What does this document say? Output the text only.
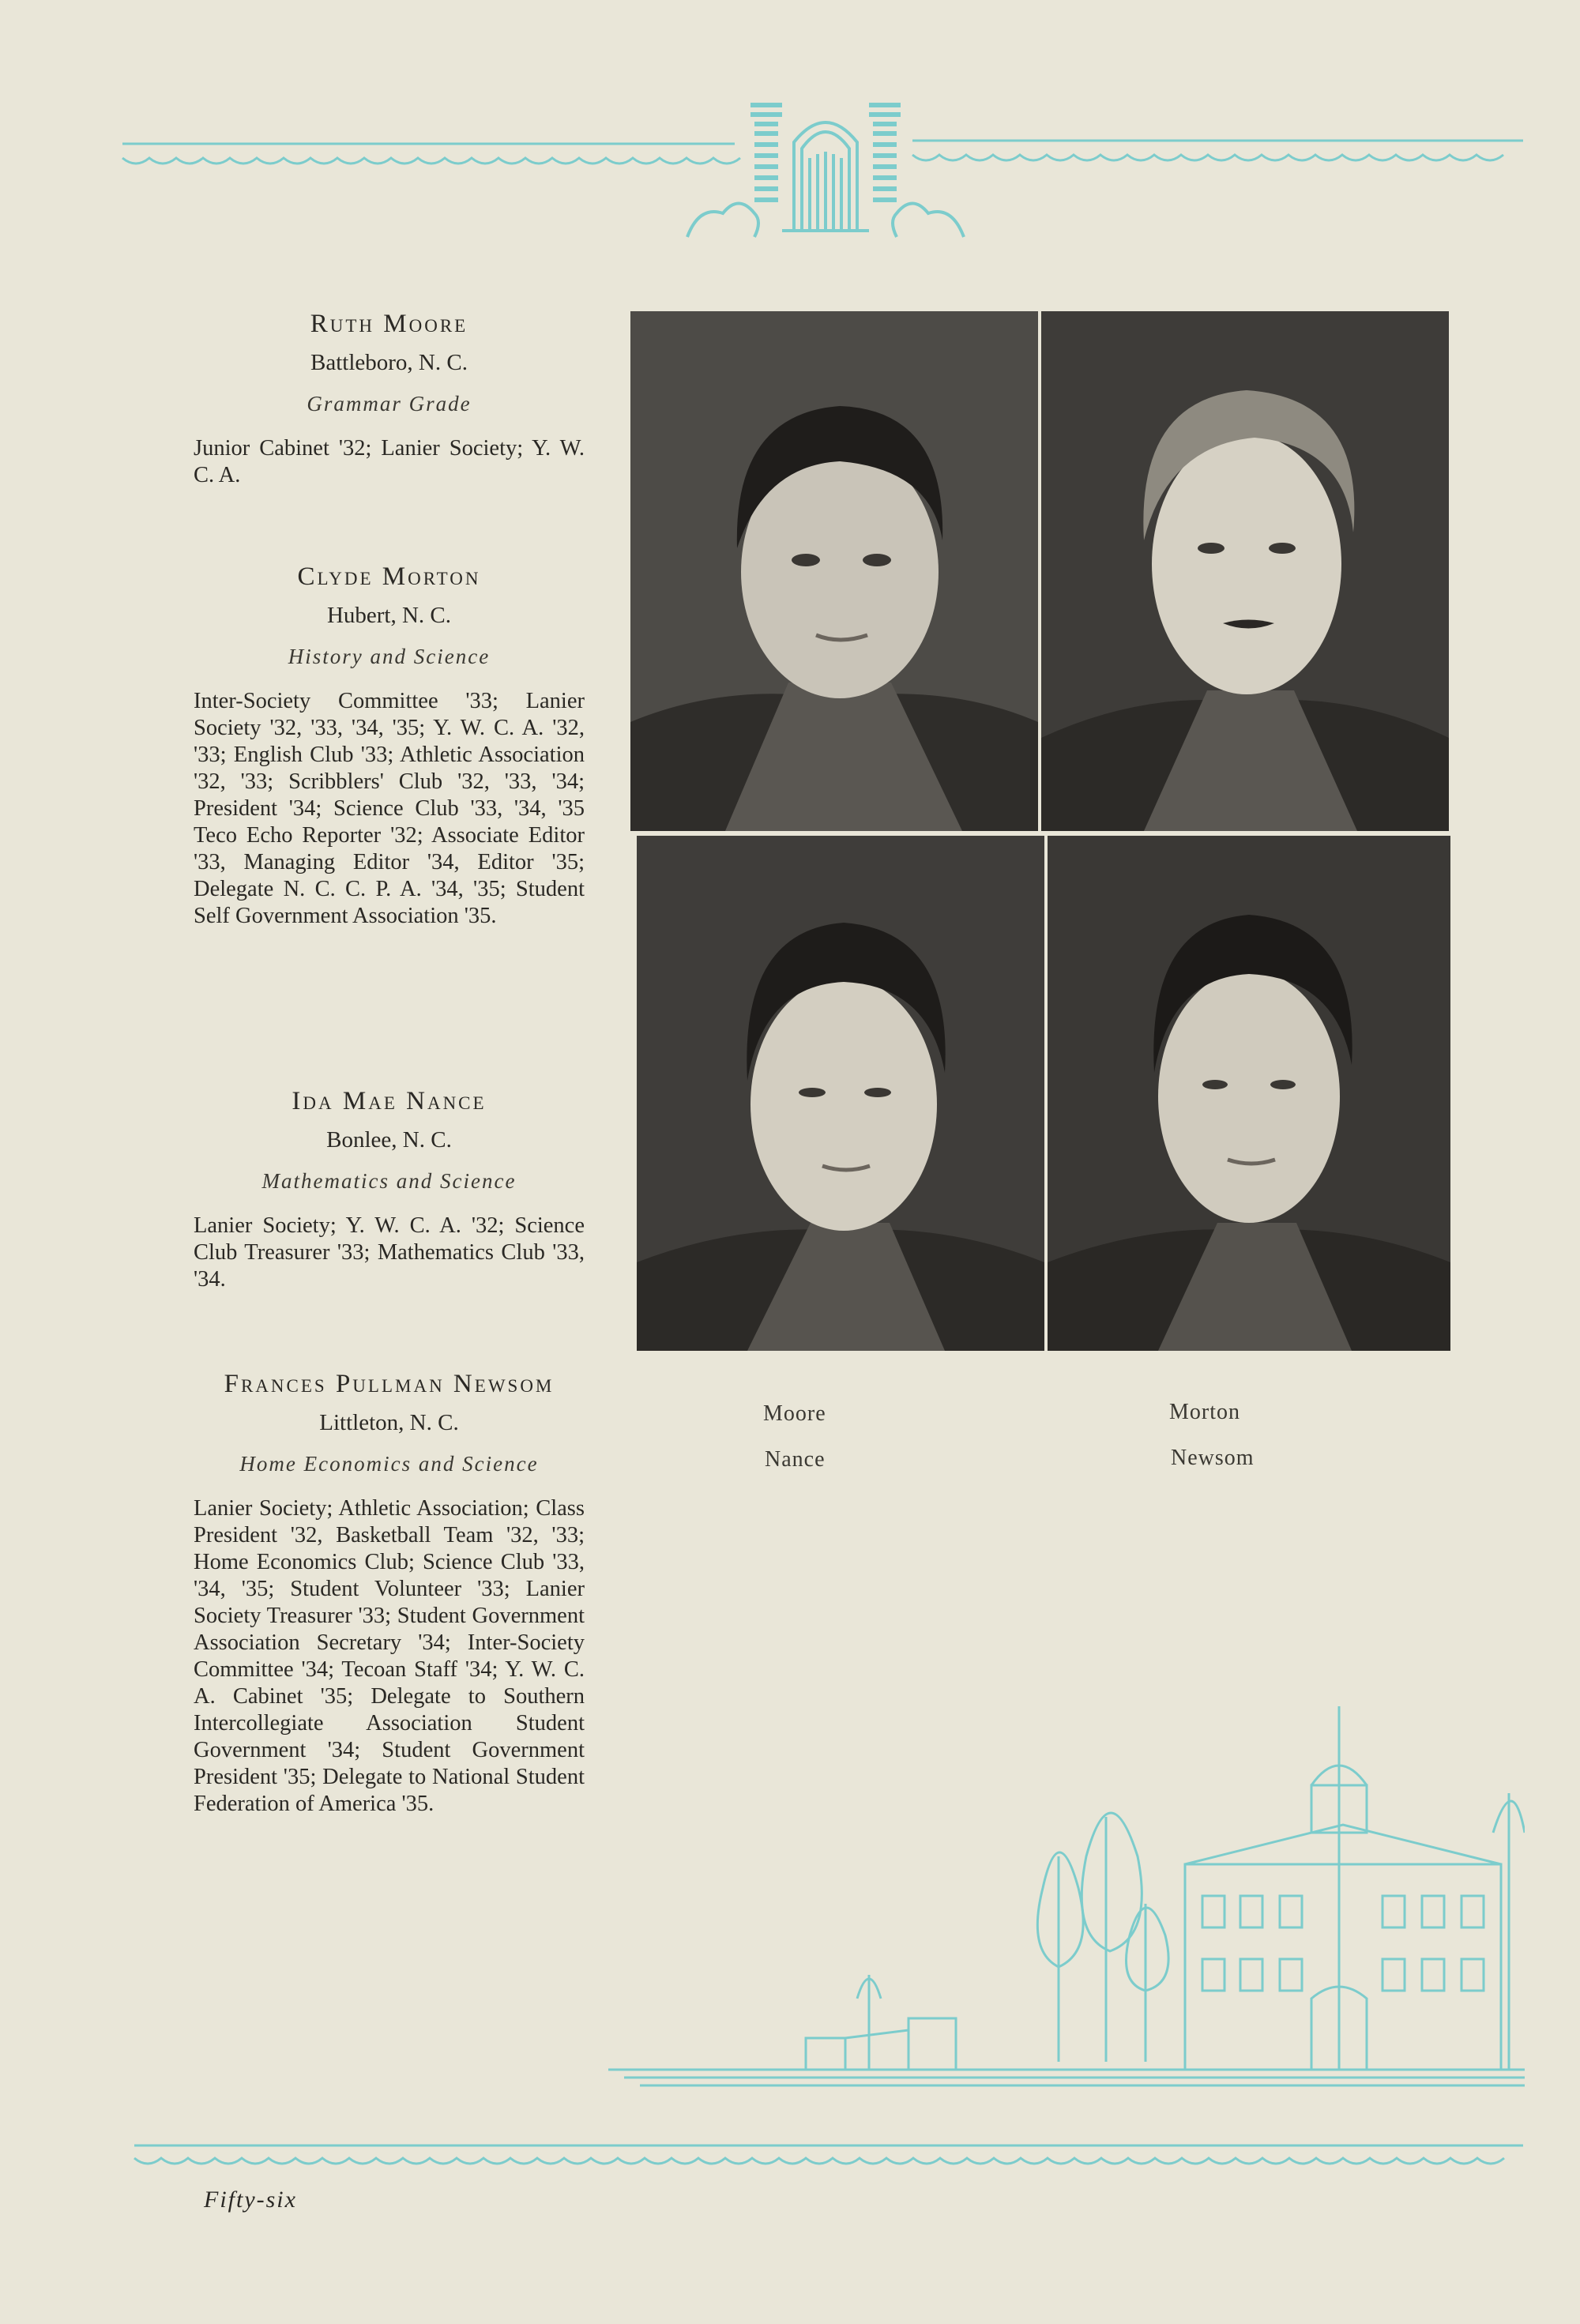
Ruth Moore
Battleboro, N. C.
Grammar Grade

Junior Cabinet '32; Lanier Society; Y. W. C. A.

Clyde Morton
Hubert, N. C.
History and Science

Inter-Society Committee '33; Lanier Society '32, '33, '34, '35; Y. W. C. A. '32, '33; English Club '33; Athletic Association '32, '33; Scribblers' Club '32, '33, '34; President '34; Science Club '33, '34, '35 Teco Echo Reporter '32; Associate Editor '33, Managing Editor '34, Editor '35; Delegate N. C. C. P. A. '34, '35; Student Self Government Association '35.

Ida Mae Nance
Bonlee, N. C.
Mathematics and Science

Lanier Society; Y. W. C. A. '32; Science Club Treasurer '33; Mathematics Club '33, '34.

Frances Pullman Newsom
Littleton, N. C.
Home Economics and Science

Lanier Society; Athletic Association; Class President '32, Basketball Team '32, '33; Home Economics Club; Science Club '33, '34, '35; Student Volunteer '33; Lanier Society Treasurer '33; Student Government Association Secretary '34; Inter-Society Committee '34; Tecoan Staff '34; Y. W. C. A. Cabinet '35; Delegate to Southern Intercollegiate Association Student Government '34; Student Government President '35; Delegate to National Student Federation of America '35.

Moore	Morton
Nance	Newsom
Fifty-six
